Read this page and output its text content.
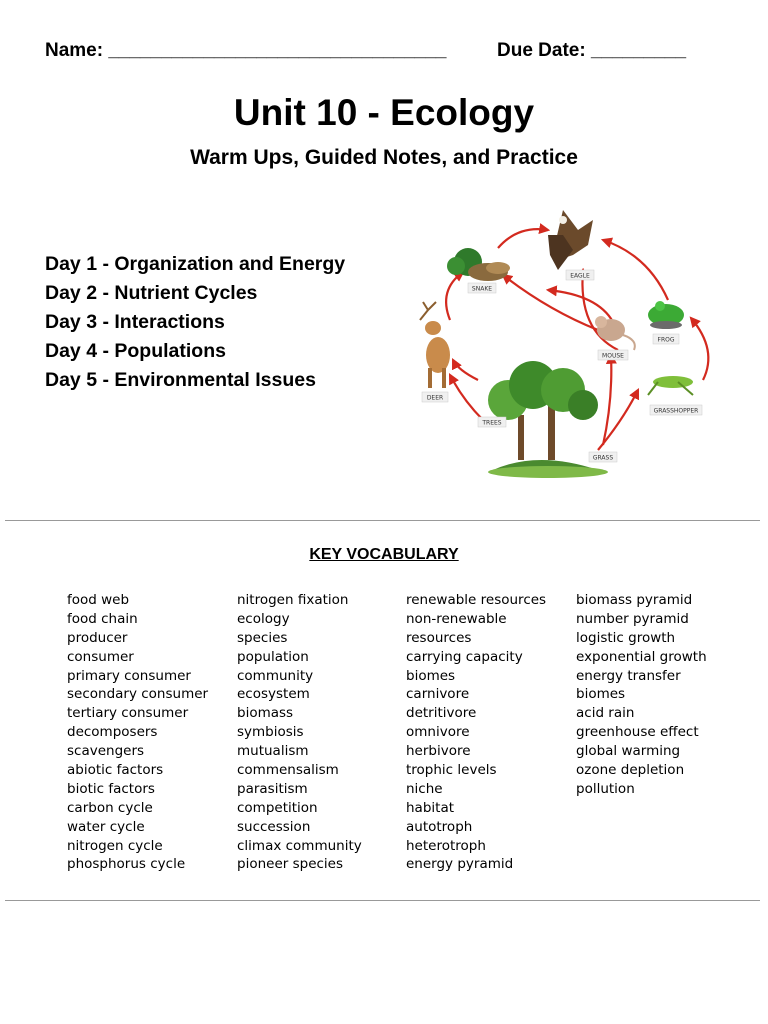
Name: ________________________________	Due Date: _________
Unit 10 - Ecology
Warm Ups, Guided Notes, and Practice
Day 1 - Organization and Energy
Day 2 - Nutrient Cycles
Day 3 - Interactions
Day 4 - Populations
Day 5 - Environmental Issues
EAGLE
SNAKE
FROG
MOUSE
DEER
GRASSHOPPER
TREES
GRASS
KEY VOCABULARY
food web
food chain
producer
consumer
primary consumer
secondary consumer
tertiary consumer
decomposers
scavengers
abiotic factors
biotic factors
carbon cycle
water cycle
nitrogen cycle
phosphorus cycle
nitrogen fixation
ecology
species
population
community
ecosystem
biomass
symbiosis
mutualism
commensalism
parasitism
competition
succession
climax community
pioneer species
renewable resources
non-renewable
resources
carrying capacity
biomes
carnivore
detritivore
omnivore
herbivore
trophic levels
niche
habitat
autotroph
heterotroph
energy pyramid
biomass pyramid
number pyramid
logistic growth
exponential growth
energy transfer
biomes
acid rain
greenhouse effect
global warming
ozone depletion
pollution
